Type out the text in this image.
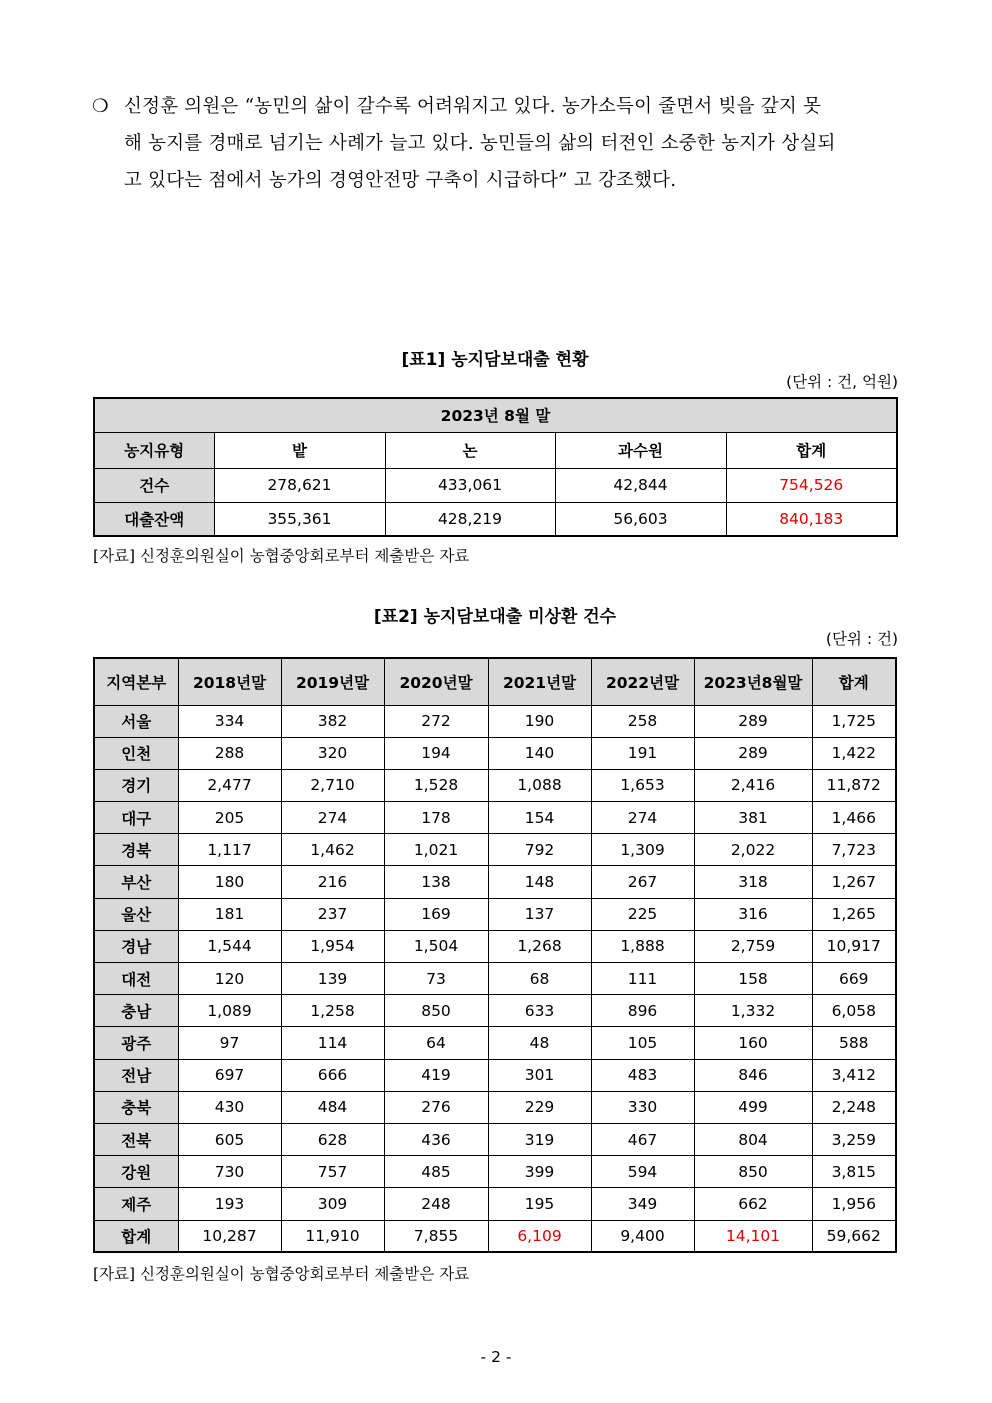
❍ 신정훈 의원은 “농민의 삶이 갈수록 어려워지고 있다. 농가소득이 줄면서 빚을 갚지 못
해 농지를 경매로 넘기는 사례가 늘고 있다. 농민들의 삶의 터전인 소중한 농지가 상실되
고 있다는 점에서 농가의 경영안전망 구축이 시급하다” 고 강조했다.
[표1] 농지담보대출 현황
(단위 : 건, 억원)
2023년 8월 말				
농지유형	밭	논	과수원	합계
건수	278,621	433,061	42,844	754,526
대출잔액	355,361	428,219	56,603	840,183
[자료] 신정훈의원실이 농협중앙회로부터 제출받은 자료
[표2] 농지담보대출 미상환 건수
(단위 : 건)
지역본부	2018년말	2019년말	2020년말	2021년말	2022년말	2023년8월말	합계
서울	334	382	272	190	258	289	1,725
인천	288	320	194	140	191	289	1,422
경기	2,477	2,710	1,528	1,088	1,653	2,416	11,872
대구	205	274	178	154	274	381	1,466
경북	1,117	1,462	1,021	792	1,309	2,022	7,723
부산	180	216	138	148	267	318	1,267
울산	181	237	169	137	225	316	1,265
경남	1,544	1,954	1,504	1,268	1,888	2,759	10,917
대전	120	139	73	68	111	158	669
충남	1,089	1,258	850	633	896	1,332	6,058
광주	97	114	64	48	105	160	588
전남	697	666	419	301	483	846	3,412
충북	430	484	276	229	330	499	2,248
전북	605	628	436	319	467	804	3,259
강원	730	757	485	399	594	850	3,815
제주	193	309	248	195	349	662	1,956
합계	10,287	11,910	7,855	6,109	9,400	14,101	59,662
[자료] 신정훈의원실이 농협중앙회로부터 제출받은 자료
- 2 -
